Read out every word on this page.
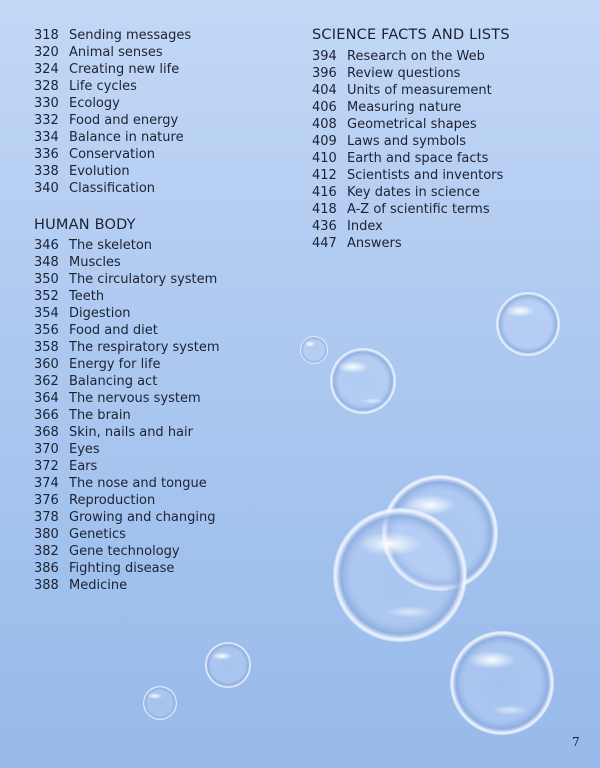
318 Sending messages
320 Animal senses
324 Creating new life
328 Life cycles
330 Ecology
332 Food and energy
334 Balance in nature
336 Conservation
338 Evolution
340 Classification
HUMAN BODY
346 The skeleton
348 Muscles
350 The circulatory system
352 Teeth
354 Digestion
356 Food and diet
358 The respiratory system
360 Energy for life
362 Balancing act
364 The nervous system
366 The brain
368 Skin, nails and hair
370 Eyes
372 Ears
374 The nose and tongue
376 Reproduction
378 Growing and changing
380 Genetics
382 Gene technology
386 Fighting disease
388 Medicine
SCIENCE FACTS AND LISTS
394 Research on the Web
396 Review questions
404 Units of measurement
406 Measuring nature
408 Geometrical shapes
409 Laws and symbols
410 Earth and space facts
412 Scientists and inventors
416 Key dates in science
418 A-Z of scientific terms
436 Index
447 Answers
7
